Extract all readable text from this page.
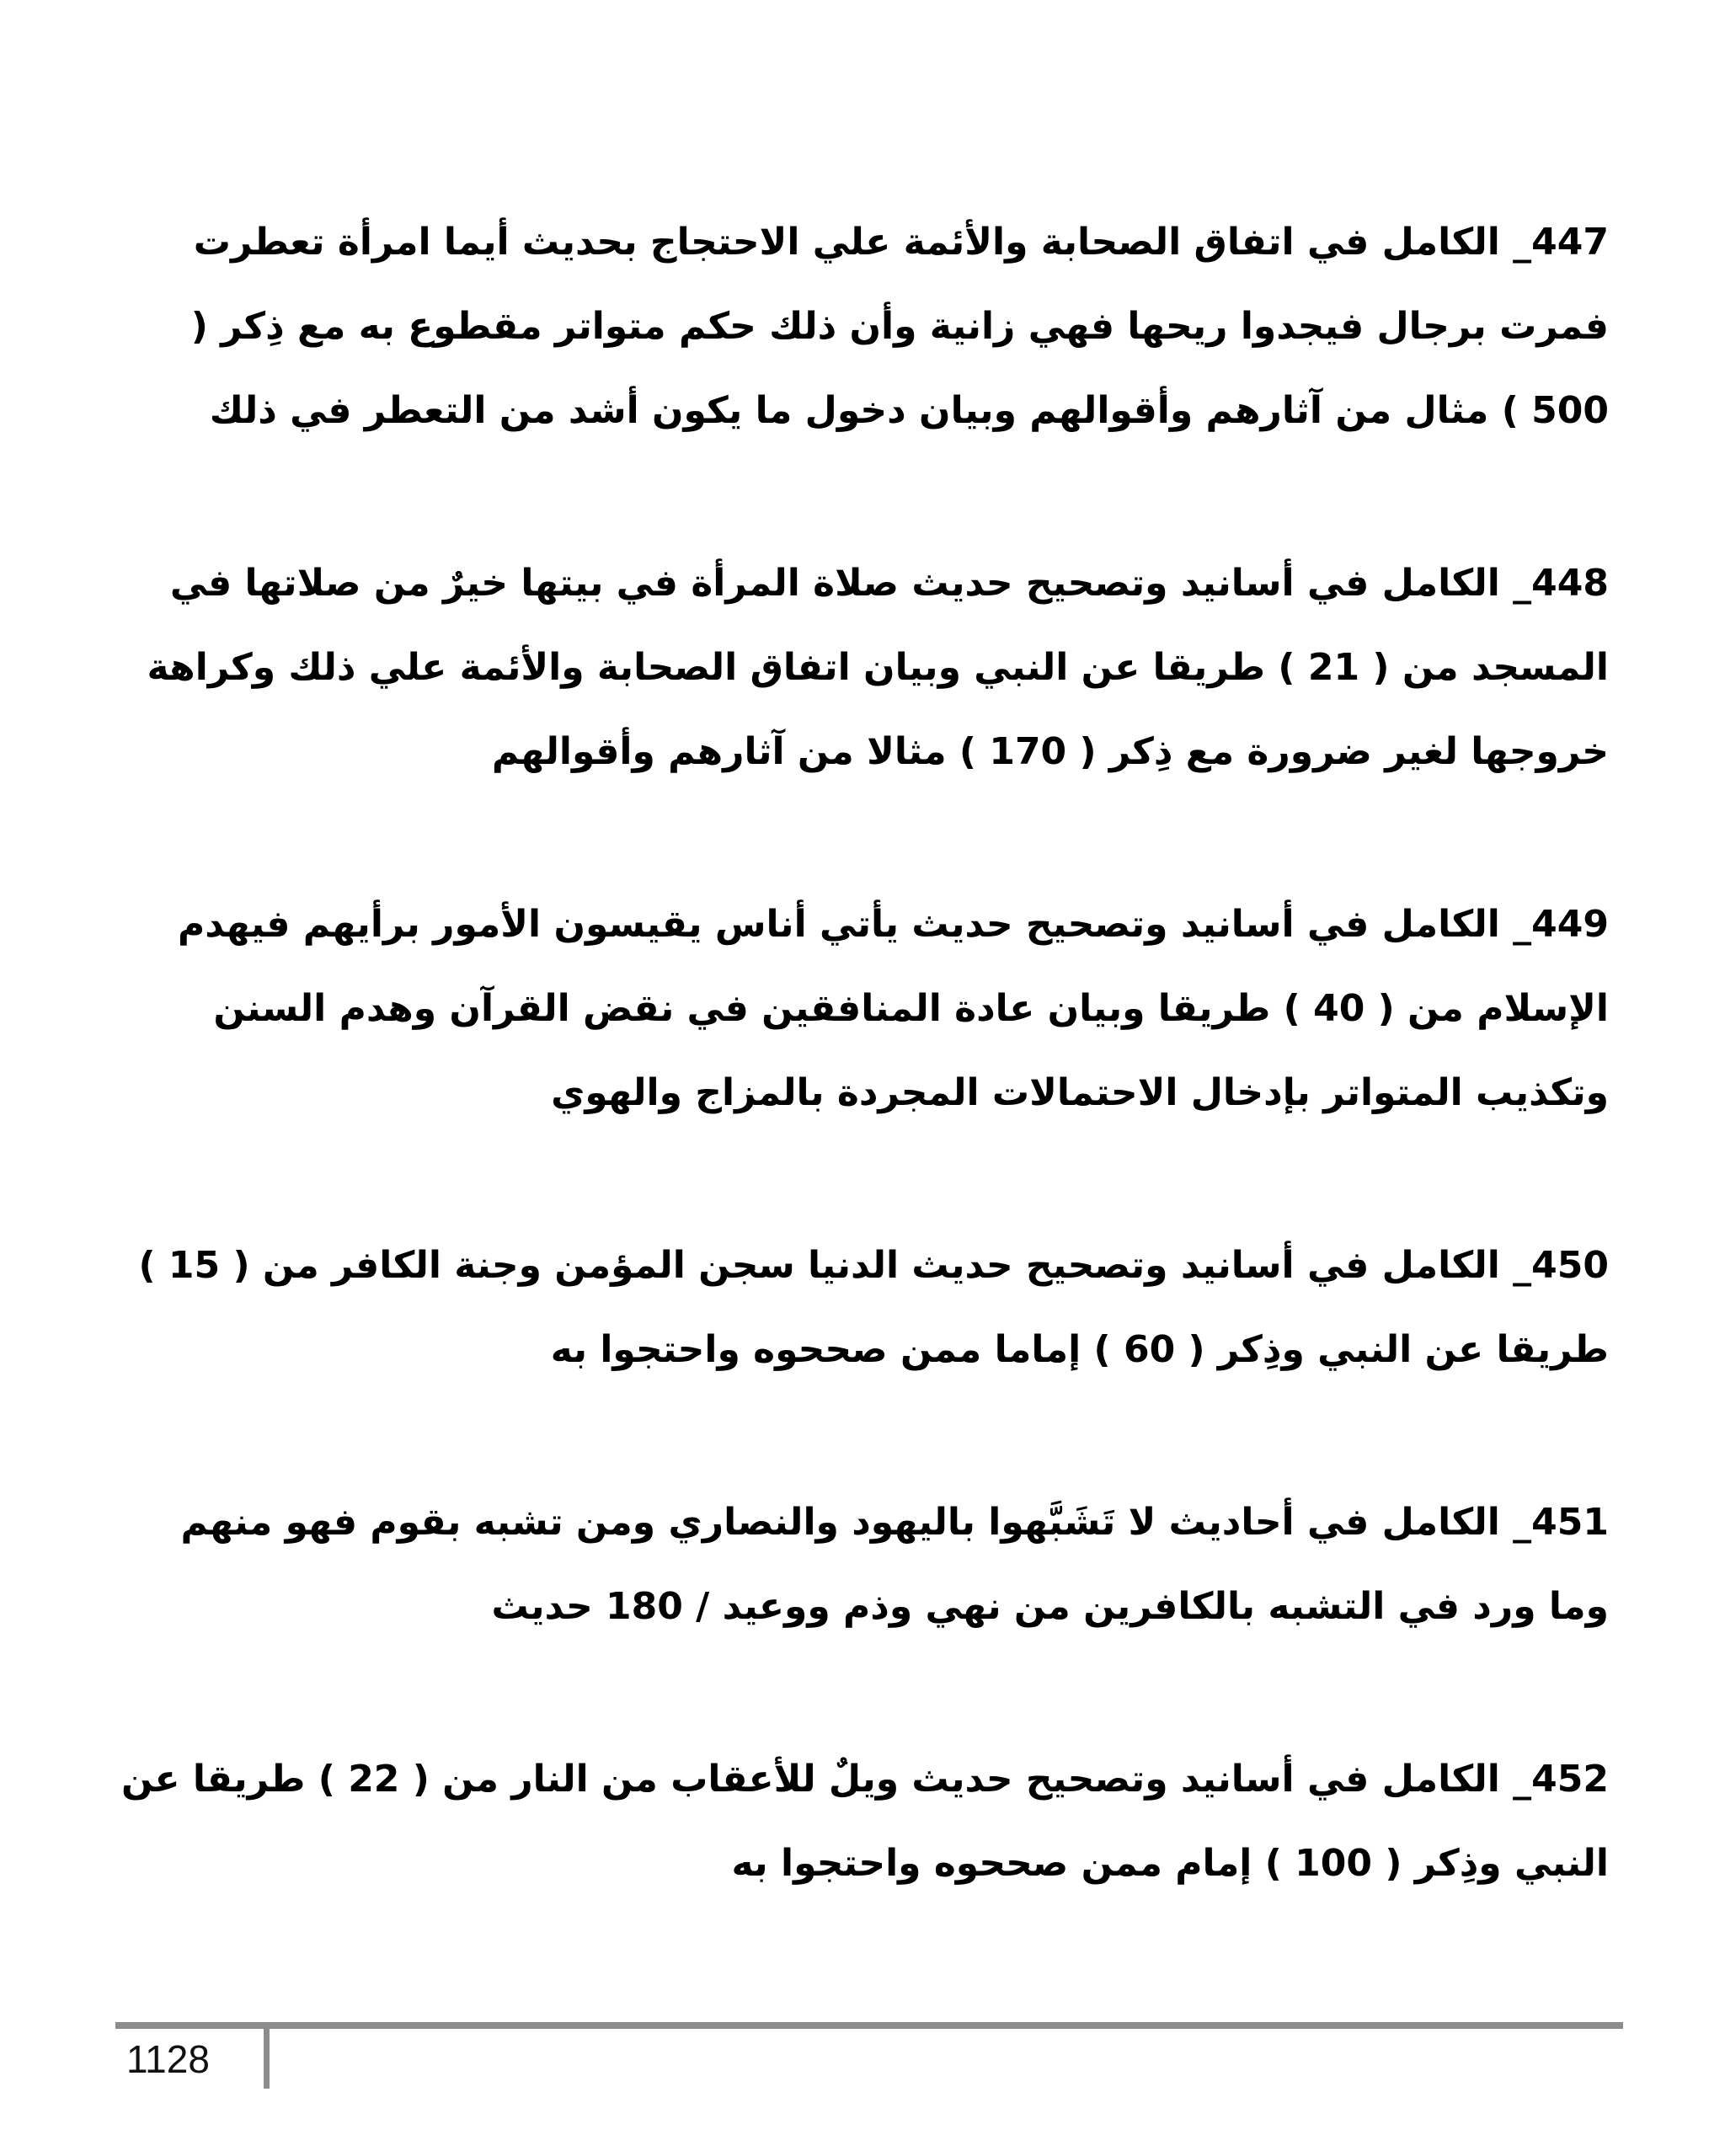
447_ الكامل في اتفاق الصحابة والأئمة علي الاحتجاج بحديث أيما امرأة تعطرت فمرت برجال فيجدوا ريحها فهي زانية وأن ذلك حكم متواتر مقطوع به مع ذِكر ( 500 ) مثال من آثارهم وأقوالهم وبيان دخول ما يكون أشد من التعطر في ذلك

448_ الكامل في أسانيد وتصحيح حديث صلاة المرأة في بيتها خيرٌ من صلاتها في المسجد من ( 21 ) طريقا عن النبي وبيان اتفاق الصحابة والأئمة علي ذلك وكراهة خروجها لغير ضرورة مع ذِكر ( 170 ) مثالا من آثارهم وأقوالهم

449_ الكامل في أسانيد وتصحيح حديث يأتي أناس يقيسون الأمور برأيهم فيهدم الإسلام من ( 40 ) طريقا وبيان عادة المنافقين في نقض القرآن وهدم السنن وتكذيب المتواتر بإدخال الاحتمالات المجردة بالمزاج والهوي

450_ الكامل في أسانيد وتصحيح حديث الدنيا سجن المؤمن وجنة الكافر من ( 15 ) طريقا عن النبي وذِكر ( 60 ) إماما ممن صححوه واحتجوا به

451_ الكامل في أحاديث لا تَشَبَّهوا باليهود والنصاري ومن تشبه بقوم فهو منهم وما ورد في التشبه بالكافرين من نهي وذم ووعيد / 180 حديث

452_ الكامل في أسانيد وتصحيح حديث ويلٌ للأعقاب من النار من ( 22 ) طريقا عن النبي وذِكر ( 100 ) إمام ممن صححوه واحتجوا به

1128
